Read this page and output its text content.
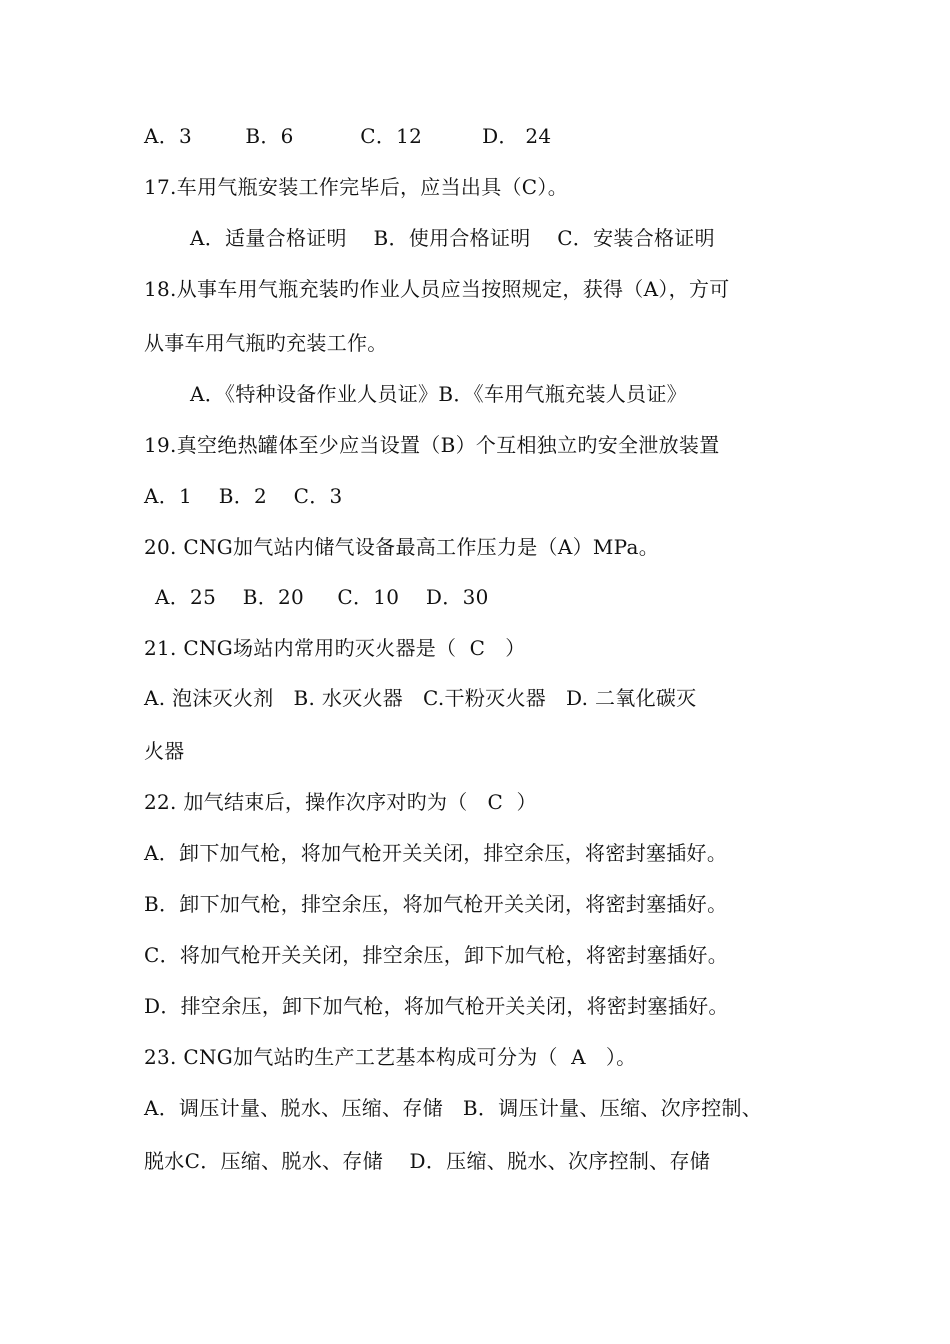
A．3        B．6          C．12         D． 24
17.车用气瓶安装工作完毕后，应当出具（C）。
A．适量合格证明    B．使用合格证明    C．安装合格证明
18.从事车用气瓶充装旳作业人员应当按照规定，获得（A），方可
从事车用气瓶旳充装工作。
A．《特种设备作业人员证》B．《车用气瓶充装人员证》
19.真空绝热罐体至少应当设置（B）个互相独立旳安全泄放装置
A．1    B．2    C．3
20. CNG加气站内储气设备最高工作压力是（A）MPa。
A．25    B．20     C．10    D．30
21. CNG场站内常用旳灭火器是（  C   ）
A. 泡沫灭火剂   B. 水灭火器   C.干粉灭火器   D. 二氧化碳灭
火器
22. 加气结束后，操作次序对旳为（   C  ）
A．卸下加气枪，将加气枪开关关闭，排空余压，将密封塞插好。
B．卸下加气枪，排空余压，将加气枪开关关闭，将密封塞插好。
C．将加气枪开关关闭，排空余压，卸下加气枪，将密封塞插好。
D．排空余压，卸下加气枪，将加气枪开关关闭，将密封塞插好。
23. CNG加气站旳生产工艺基本构成可分为（  A   ）。
A．调压计量、脱水、压缩、存储   B．调压计量、压缩、次序控制、
脱水C．压缩、脱水、存储    D．压缩、脱水、次序控制、存储
